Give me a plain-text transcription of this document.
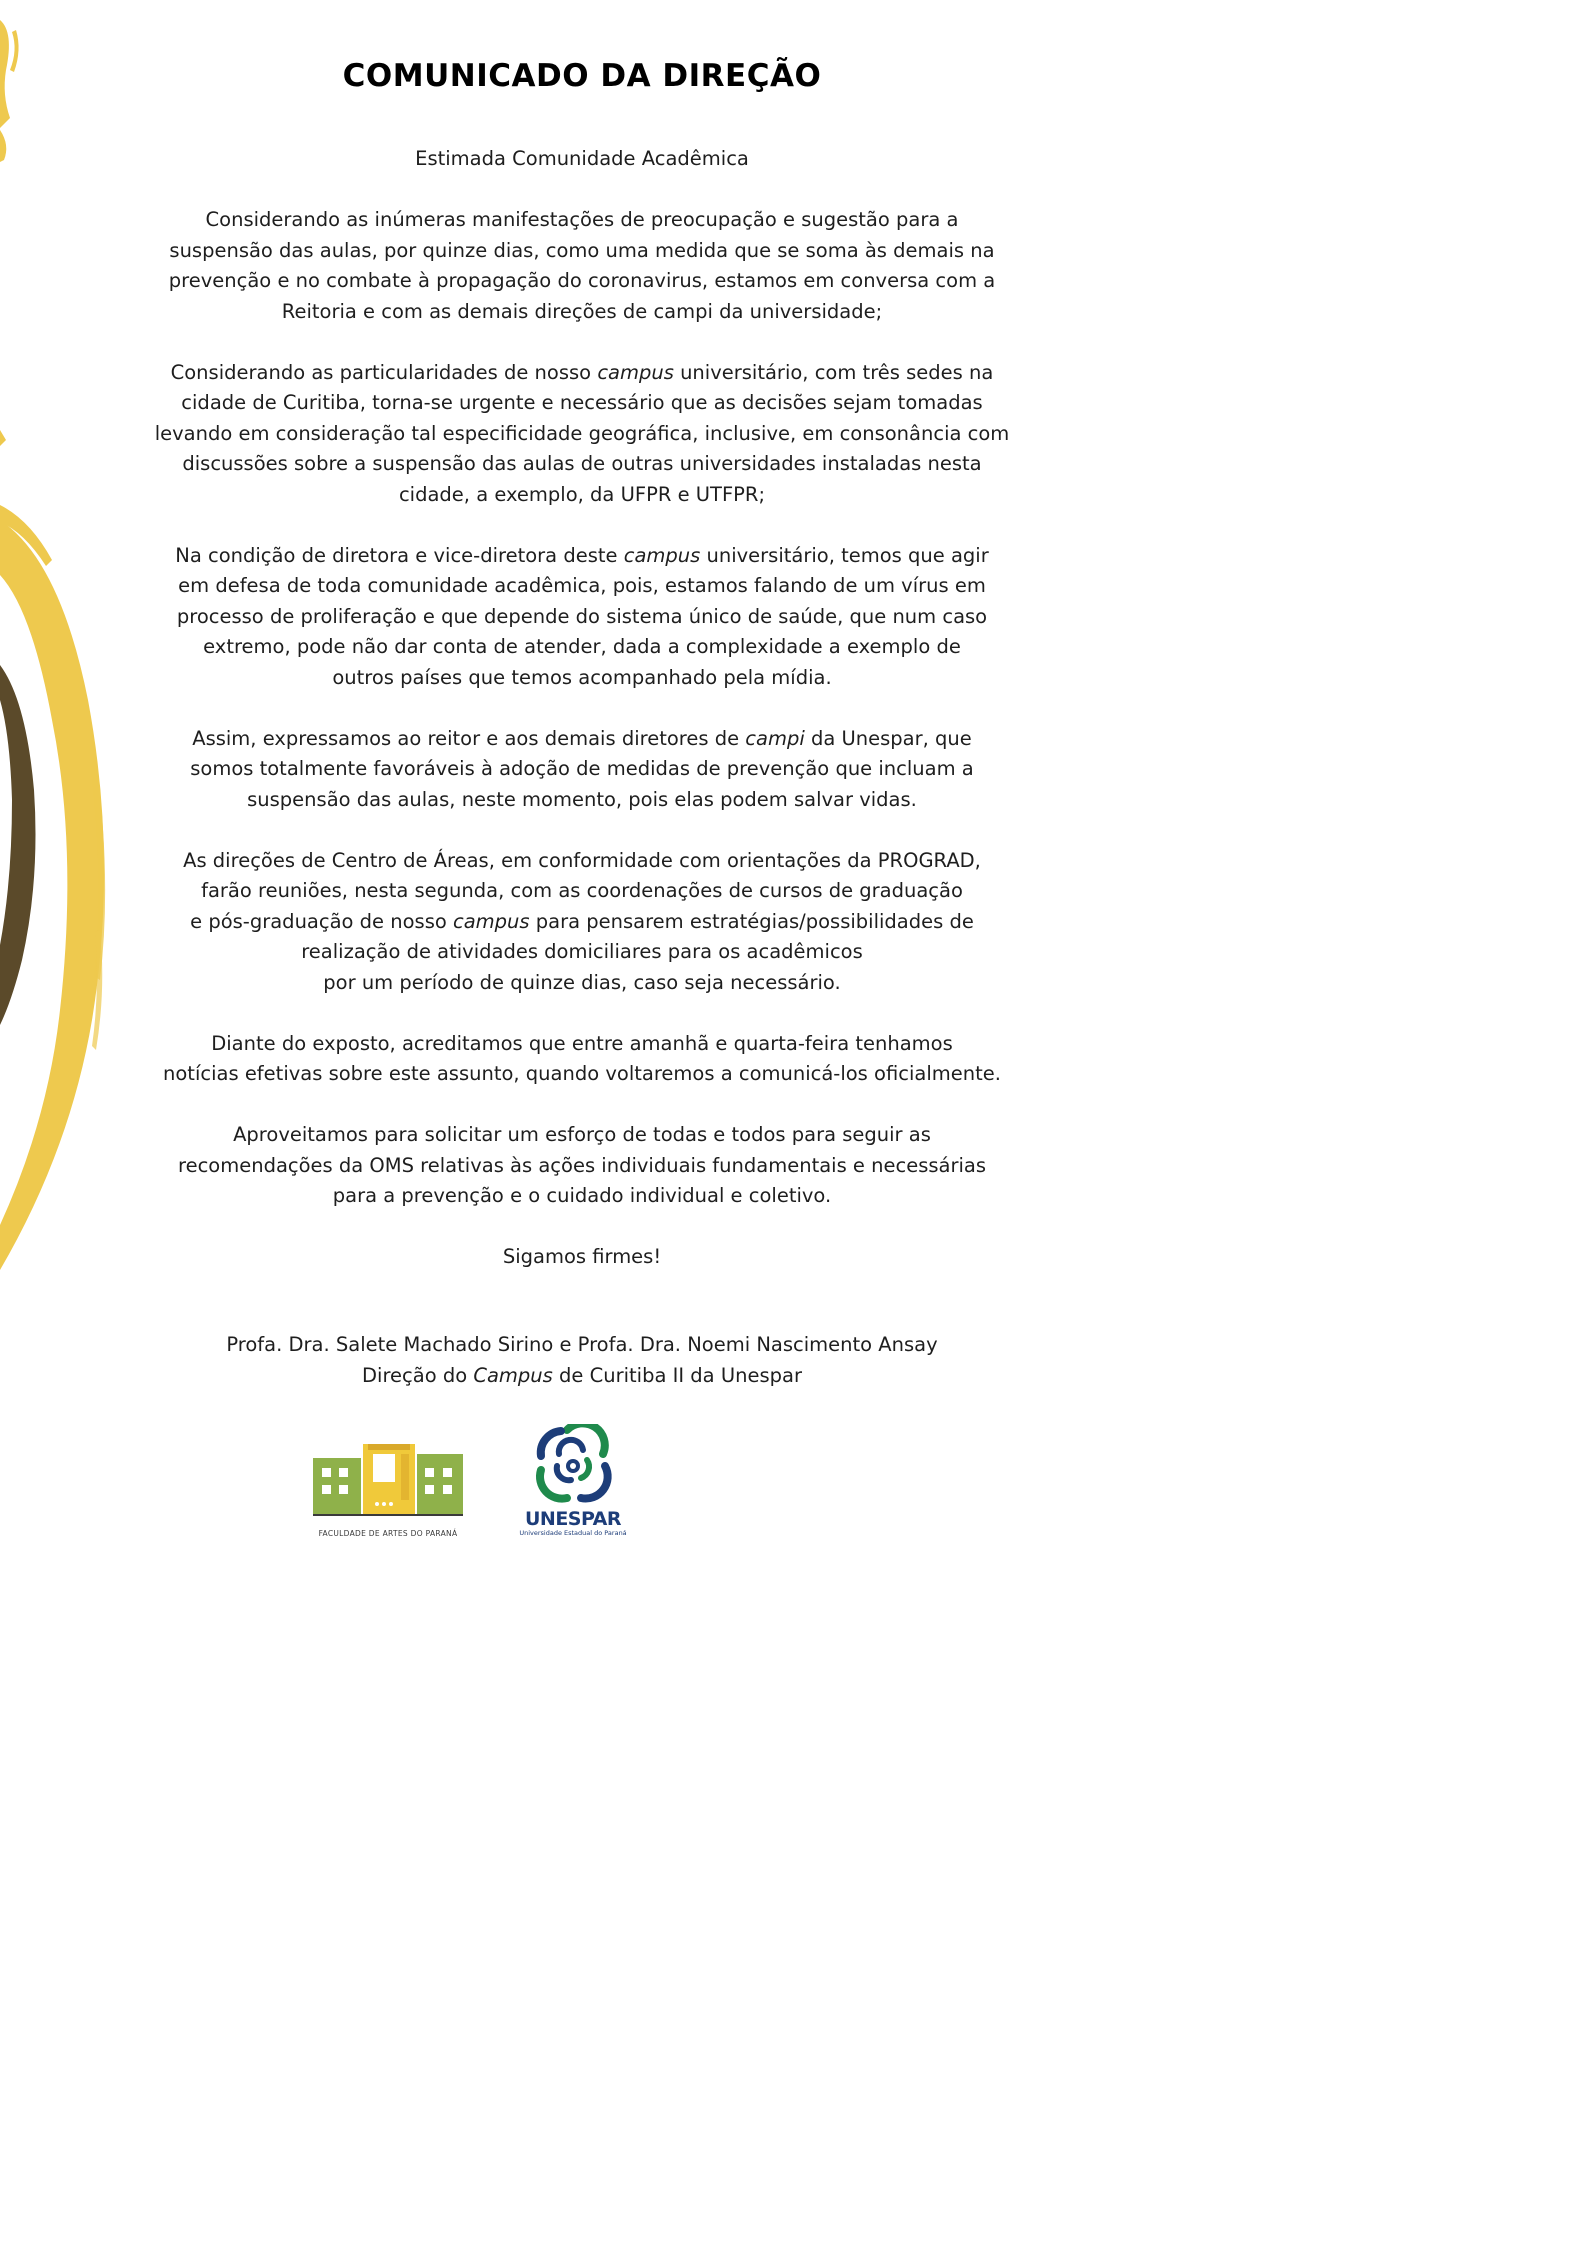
COMUNICADO DA DIREÇÃO
Estimada Comunidade Acadêmica
Considerando as inúmeras manifestações de preocupação e sugestão para a
suspensão das aulas, por quinze dias, como uma medida que se soma às demais na
prevenção e no combate à propagação do coronavirus, estamos em conversa com a
Reitoria e com as demais direções de campi da universidade;
Considerando as particularidades de nosso campus universitário, com três sedes na
cidade de Curitiba, torna-se urgente e necessário que as decisões sejam tomadas
levando em consideração tal especificidade geográfica, inclusive, em consonância com
discussões sobre a suspensão das aulas de outras universidades instaladas nesta
cidade, a exemplo, da UFPR e UTFPR;
Na condição de diretora e vice-diretora deste campus universitário, temos que agir
em defesa de toda comunidade acadêmica, pois, estamos falando de um vírus em
processo de proliferação e que depende do sistema único de saúde, que num caso
extremo, pode não dar conta de atender, dada a complexidade a exemplo de
outros países que temos acompanhado pela mídia.
Assim, expressamos ao reitor e aos demais diretores de campi da Unespar, que
somos totalmente favoráveis à adoção de medidas de prevenção que incluam a
suspensão das aulas, neste momento, pois elas podem salvar vidas.
As direções de Centro de Áreas, em conformidade com orientações da PROGRAD,
farão reuniões, nesta segunda, com as coordenações de cursos de graduação
e pós-graduação de nosso campus para pensarem estratégias/possibilidades de
realização de atividades domiciliares para os acadêmicos
por um período de quinze dias, caso seja necessário.
Diante do exposto, acreditamos que entre amanhã e quarta-feira tenhamos
notícias efetivas sobre este assunto, quando voltaremos a comunicá-los oficialmente.
Aproveitamos para solicitar um esforço de todas e todos para seguir as
recomendações da OMS relativas às ações individuais fundamentais e necessárias
para a prevenção e o cuidado individual e coletivo.
Sigamos firmes!
Profa. Dra. Salete Machado Sirino e Profa. Dra. Noemi Nascimento Ansay
Direção do Campus de Curitiba II da Unespar
FACULDADE DE ARTES DO PARANÁ
UNESPAR
Universidade Estadual do Paraná
